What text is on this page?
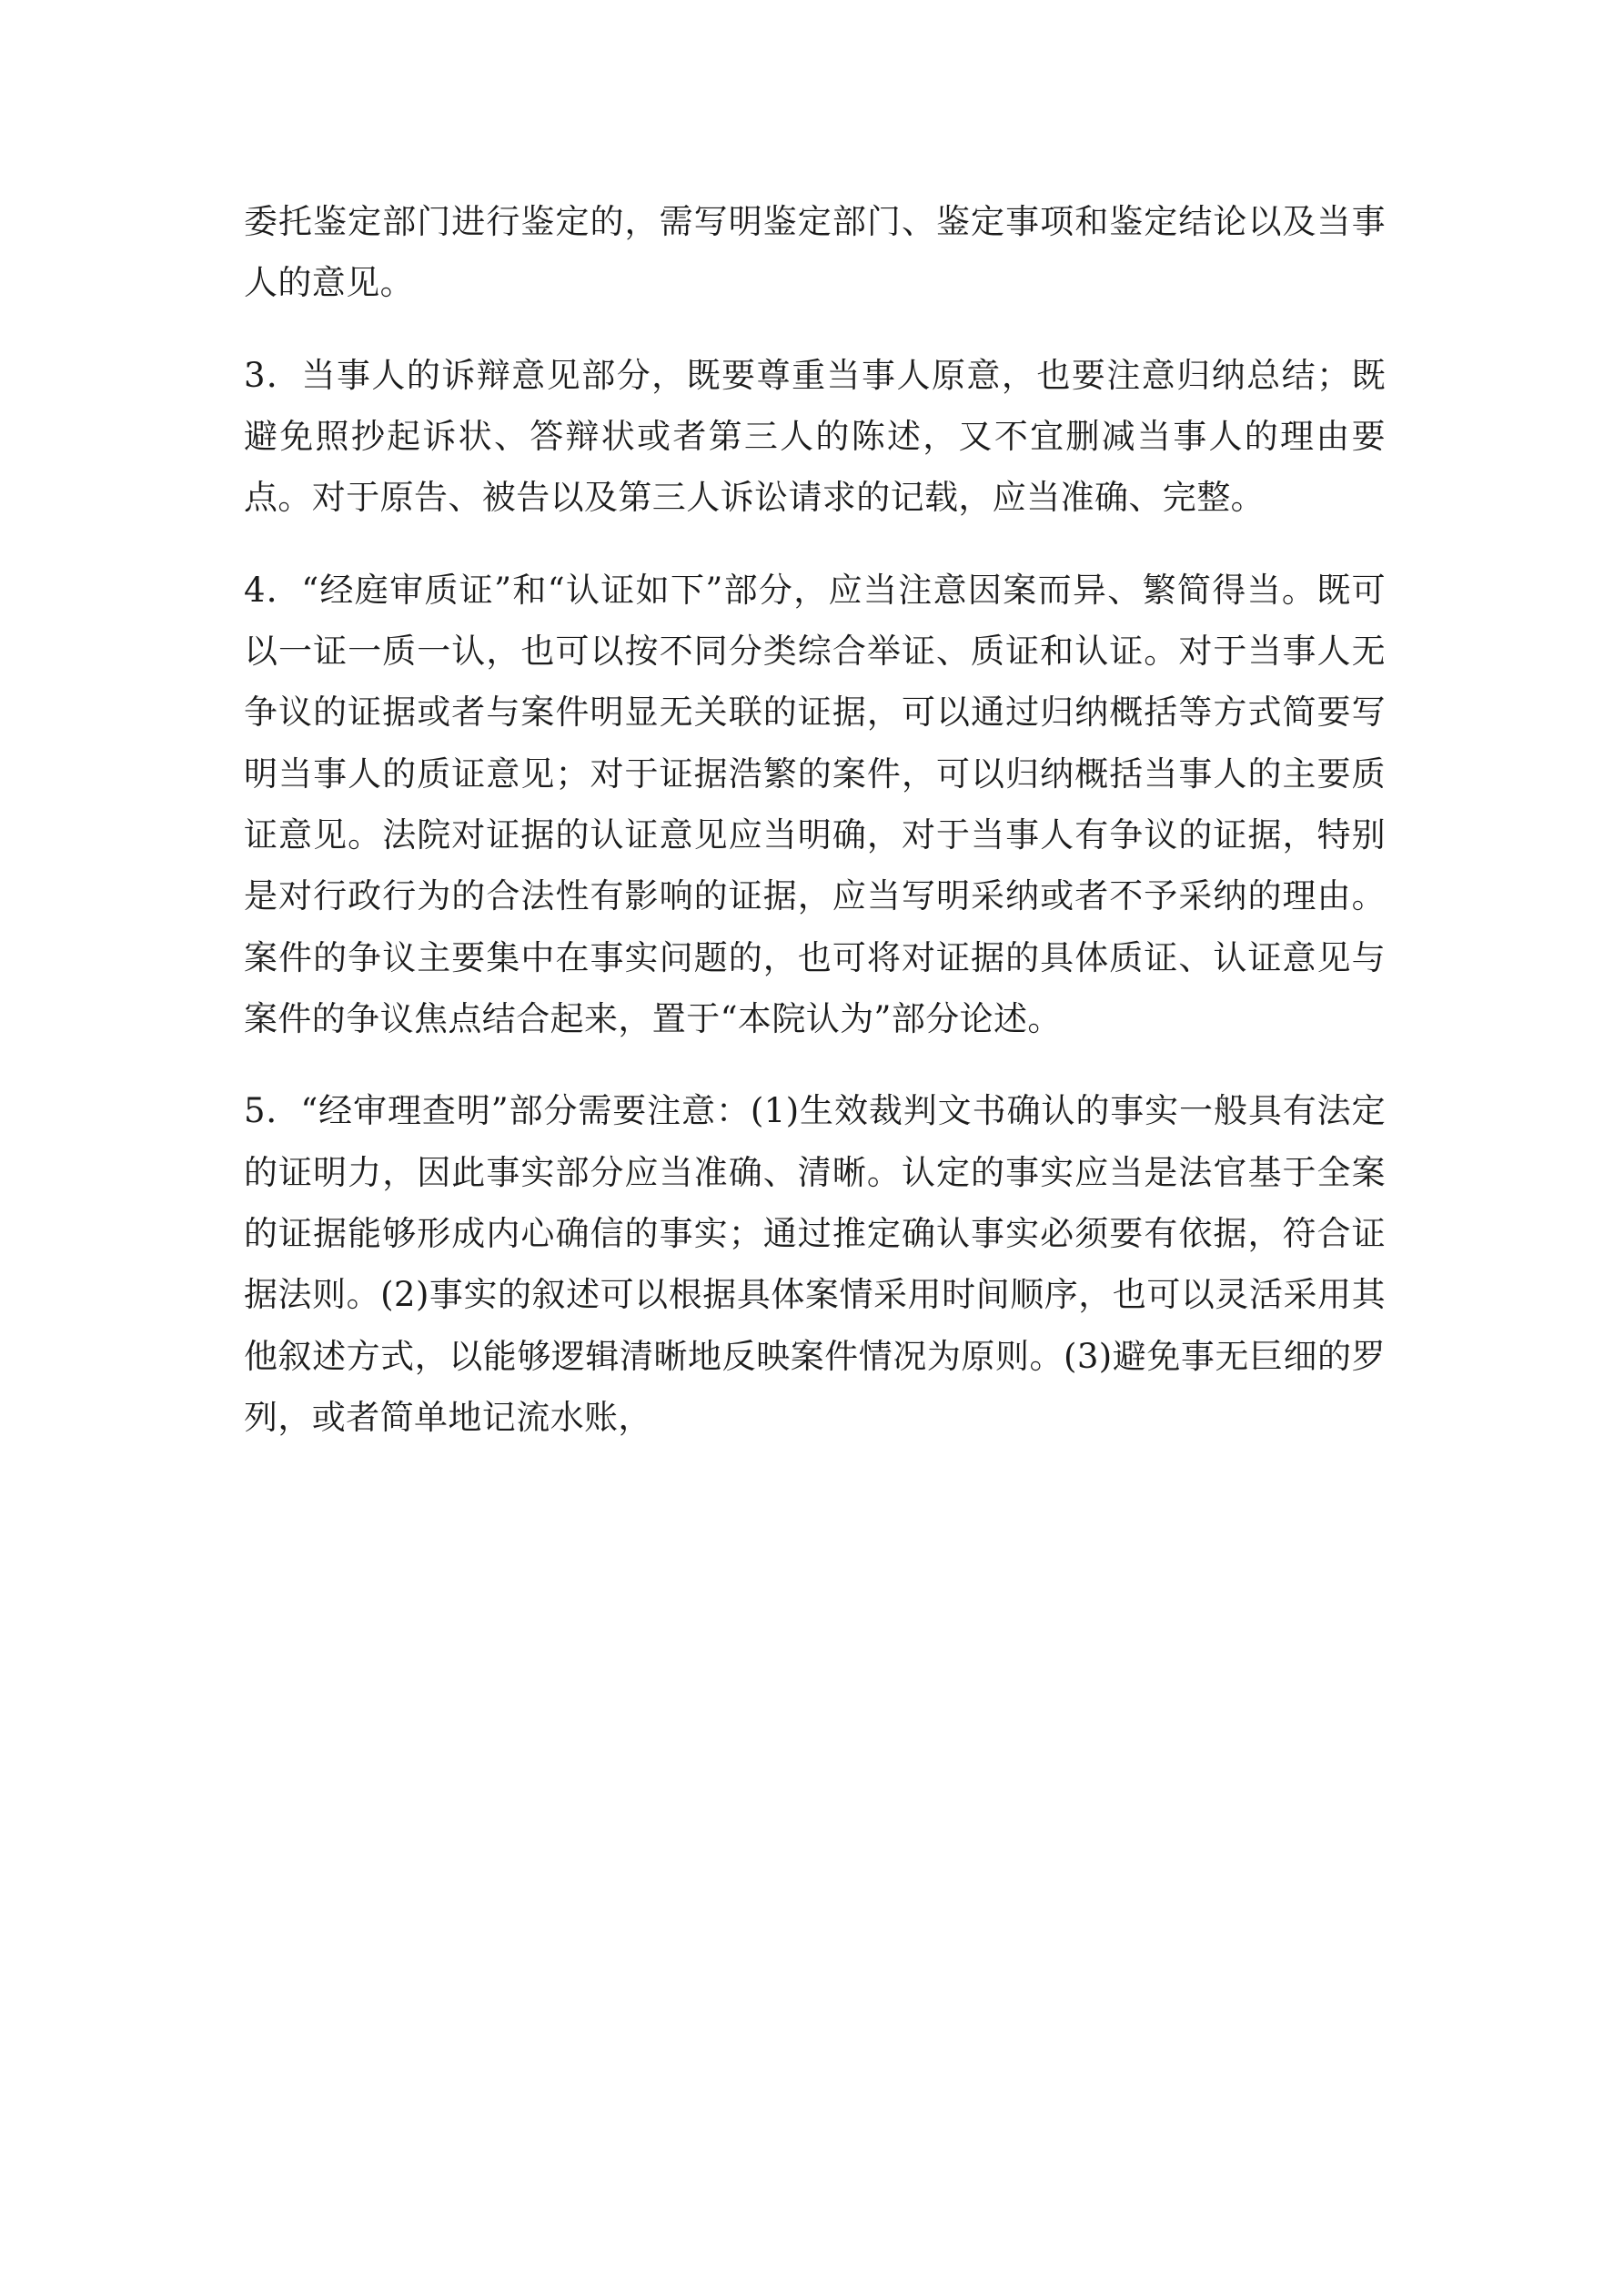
委托鉴定部门进行鉴定的，需写明鉴定部门、鉴定事项和鉴定结论以及当事人的意见。

3．当事人的诉辩意见部分，既要尊重当事人原意，也要注意归纳总结；既避免照抄起诉状、答辩状或者第三人的陈述，又不宜删减当事人的理由要点。对于原告、被告以及第三人诉讼请求的记载，应当准确、完整。

4．“经庭审质证”和“认证如下”部分，应当注意因案而异、繁简得当。既可以一证一质一认，也可以按不同分类综合举证、质证和认证。对于当事人无争议的证据或者与案件明显无关联的证据，可以通过归纳概括等方式简要写明当事人的质证意见；对于证据浩繁的案件，可以归纳概括当事人的主要质证意见。法院对证据的认证意见应当明确，对于当事人有争议的证据，特别是对行政行为的合法性有影响的证据，应当写明采纳或者不予采纳的理由。案件的争议主要集中在事实问题的，也可将对证据的具体质证、认证意见与案件的争议焦点结合起来，置于“本院认为”部分论述。

5．“经审理查明”部分需要注意：(1)生效裁判文书确认的事实一般具有法定的证明力，因此事实部分应当准确、清晰。认定的事实应当是法官基于全案的证据能够形成内心确信的事实；通过推定确认事实必须要有依据，符合证据法则。(2)事实的叙述可以根据具体案情采用时间顺序，也可以灵活采用其他叙述方式，以能够逻辑清晰地反映案件情况为原则。(3)避免事无巨细的罗列，或者简单地记流水账，
